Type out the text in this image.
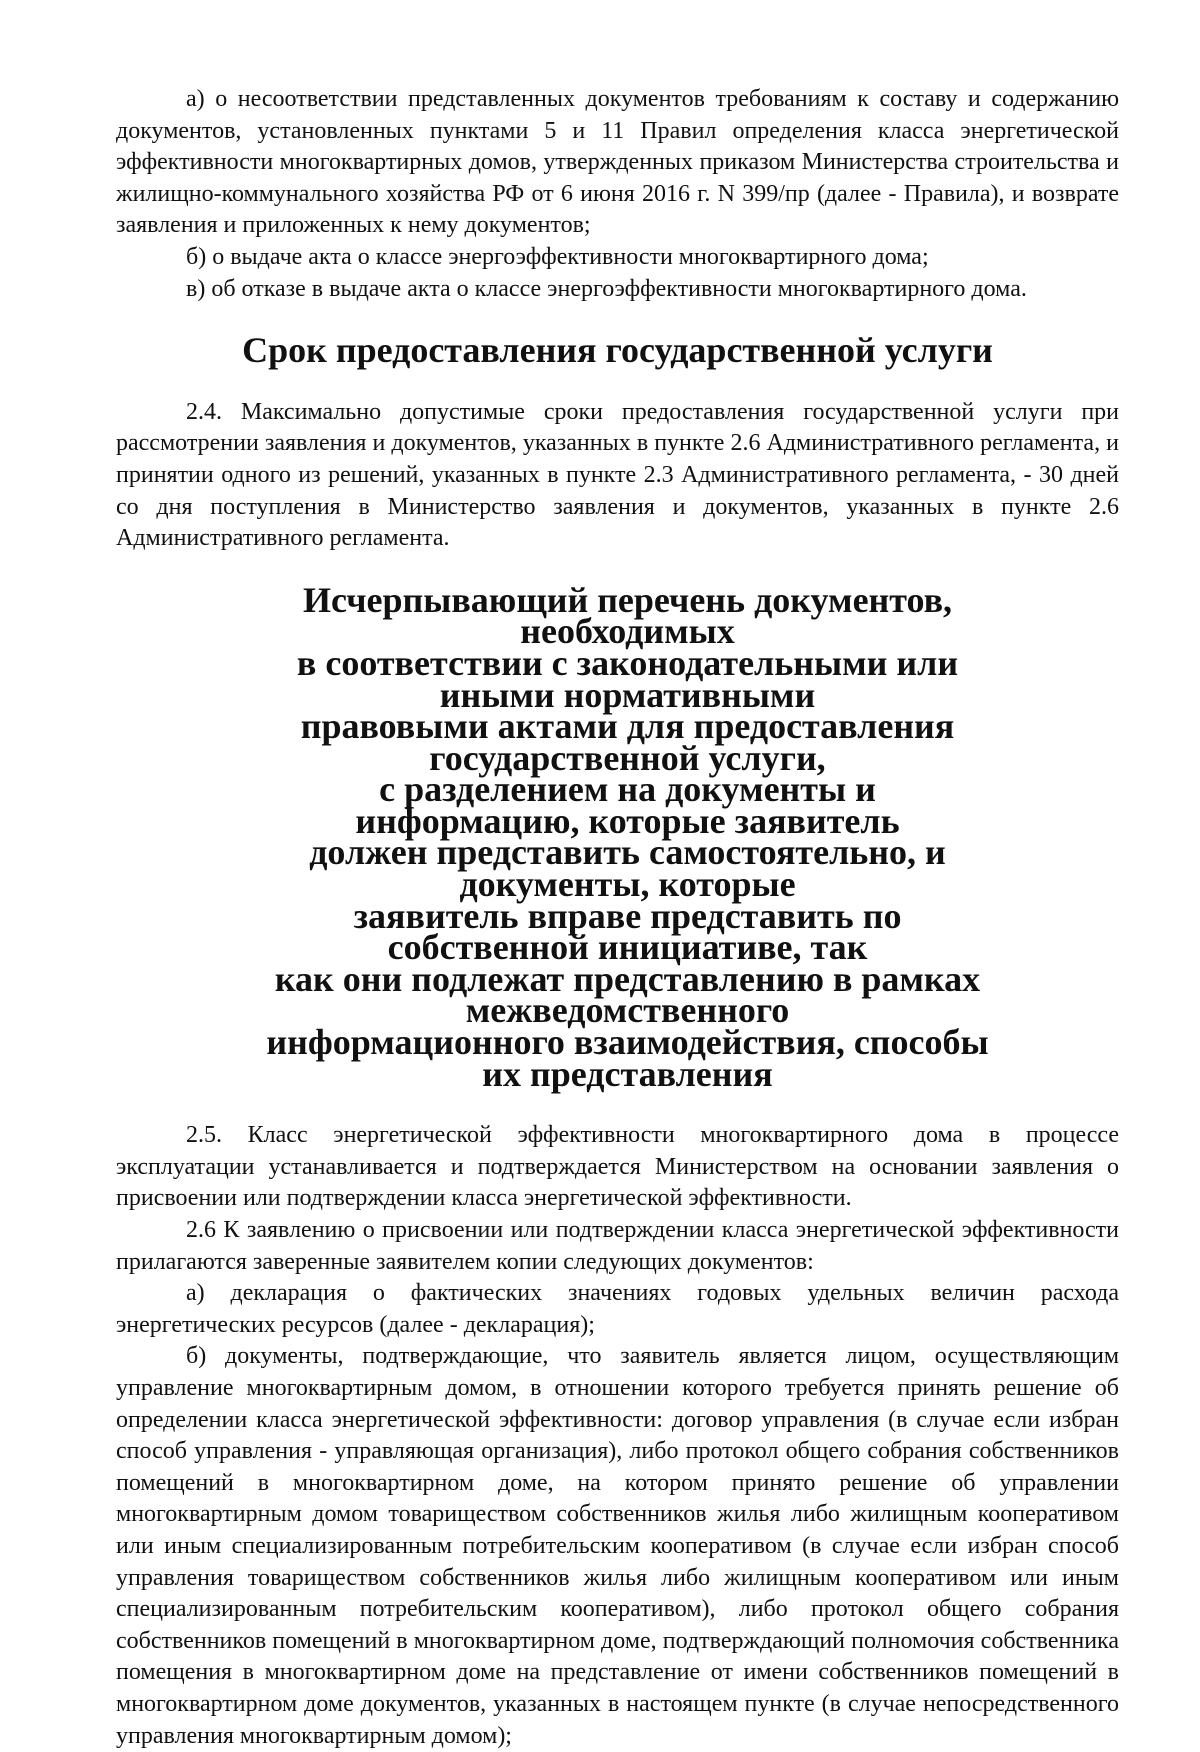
а) о несоответствии представленных документов требованиям к составу и содержанию документов, установленных пунктами 5 и 11 Правил определения класса энергетической эффективности многоквартирных домов, утвержденных приказом Министерства строительства и жилищно-коммунального хозяйства РФ от 6 июня 2016 г. N 399/пр (далее - Правила), и возврате заявления и приложенных к нему документов;

б) о выдаче акта о классе энергоэффективности многоквартирного дома;

в) об отказе в выдаче акта о классе энергоэффективности многоквартирного дома.

Срок предоставления государственной услуги

2.4. Максимально допустимые сроки предоставления государственной услуги при рассмотрении заявления и документов, указанных в пункте 2.6 Административного регламента, и принятии одного из решений, указанных в пункте 2.3 Административного регламента, - 30 дней со дня поступления в Министерство заявления и документов, указанных в пункте 2.6 Административного регламента.

Исчерпывающий перечень документов, необходимых
в соответствии с законодательными или иными нормативными
правовыми актами для предоставления государственной услуги,
с разделением на документы и информацию, которые заявитель
должен представить самостоятельно, и документы, которые
заявитель вправе представить по собственной инициативе, так
как они подлежат представлению в рамках межведомственного
информационного взаимодействия, способы их представления

2.5. Класс энергетической эффективности многоквартирного дома в процессе эксплуатации устанавливается и подтверждается Министерством на основании заявления о присвоении или подтверждении класса энергетической эффективности.

2.6 К заявлению о присвоении или подтверждении класса энергетической эффективности прилагаются заверенные заявителем копии следующих документов:

а) декларация о фактических значениях годовых удельных величин расхода энергетических ресурсов (далее - декларация);

б) документы, подтверждающие, что заявитель является лицом, осуществляющим управление многоквартирным домом, в отношении которого требуется принять решение об определении класса энергетической эффективности: договор управления (в случае если избран способ управления - управляющая организация), либо протокол общего собрания собственников помещений в многоквартирном доме, на котором принято решение об управлении многоквартирным домом товариществом собственников жилья либо жилищным кооперативом или иным специализированным потребительским кооперативом (в случае если избран способ управления товариществом собственников жилья либо жилищным кооперативом или иным специализированным потребительским кооперативом), либо протокол общего собрания собственников помещений в многоквартирном доме, подтверждающий полномочия собственника помещения в многоквартирном доме на представление от имени собственников помещений в многоквартирном доме документов, указанных в настоящем пункте (в случае непосредственного управления многоквартирным домом);
